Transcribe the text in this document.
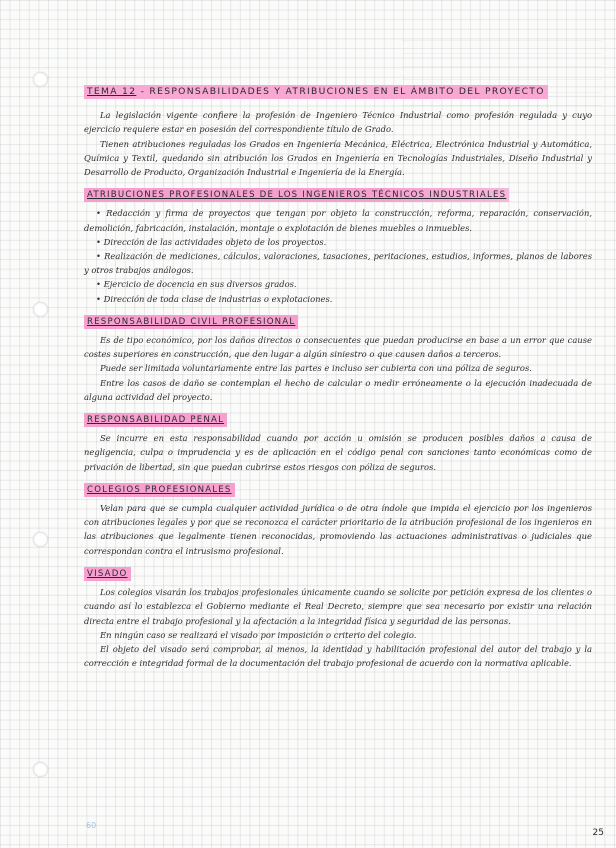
TEMA 12 - RESPONSABILIDADES Y ATRIBUCIONES EN EL ÁMBITO DEL PROYECTO

La legislación vigente confiere la profesión de Ingeniero Técnico Industrial como profesión regulada y cuyo ejercicio requiere estar en posesión del correspondiente título de Grado.

Tienen atribuciones reguladas los Grados en Ingeniería Mecánica, Eléctrica, Electrónica Industrial y Automática, Química y Textil, quedando sin atribución los Grados en Ingeniería en Tecnologías Industriales, Diseño Industrial y Desarrollo de Producto, Organización Industrial e Ingeniería de la Energía.

ATRIBUCIONES PROFESIONALES DE LOS INGENIEROS TÉCNICOS INDUSTRIALES

• Redacción y firma de proyectos que tengan por objeto la construcción, reforma, reparación, conservación, demolición, fabricación, instalación, montaje o explotación de bienes muebles o inmuebles.

• Dirección de las actividades objeto de los proyectos.

• Realización de mediciones, cálculos, valoraciones, tasaciones, peritaciones, estudios, informes, planos de labores y otros trabajos análogos.

• Ejercicio de docencia en sus diversos grados.

• Dirección de toda clase de industrias o explotaciones.

RESPONSABILIDAD CIVIL PROFESIONAL

Es de tipo económico, por los daños directos o consecuentes que puedan producirse en base a un error que cause costes superiores en construcción, que den lugar a algún siniestro o que causen daños a terceros.

Puede ser limitada voluntariamente entre las partes e incluso ser cubierta con una póliza de seguros.

Entre los casos de daño se contemplan el hecho de calcular o medir erróneamente o la ejecución inadecuada de alguna actividad del proyecto.

RESPONSABILIDAD PENAL

Se incurre en esta responsabilidad cuando por acción u omisión se producen posibles daños a causa de negligencia, culpa o imprudencia y es de aplicación en el código penal con sanciones tanto económicas como de privación de libertad, sin que puedan cubrirse estos riesgos con póliza de seguros.

COLEGIOS PROFESIONALES

Velan para que se cumpla cualquier actividad jurídica o de otra índole que impida el ejercicio por los ingenieros con atribuciones legales y por que se reconozca el carácter prioritario de la atribución profesional de los ingenieros en las atribuciones que legalmente tienen reconocidas, promoviendo las actuaciones administrativas o judiciales que correspondan contra el intrusismo profesional.

VISADO

Los colegios visarán los trabajos profesionales únicamente cuando se solicite por petición expresa de los clientes o cuando así lo establezca el Gobierno mediante el Real Decreto, siempre que sea necesario por existir una relación directa entre el trabajo profesional y la afectación a la integridad física y seguridad de las personas.

En ningún caso se realizará el visado por imposición o criterio del colegio.

El objeto del visado será comprobar, al menos, la identidad y habilitación profesional del autor del trabajo y la corrección e integridad formal de la documentación del trabajo profesional de acuerdo con la normativa aplicable.

60
25
